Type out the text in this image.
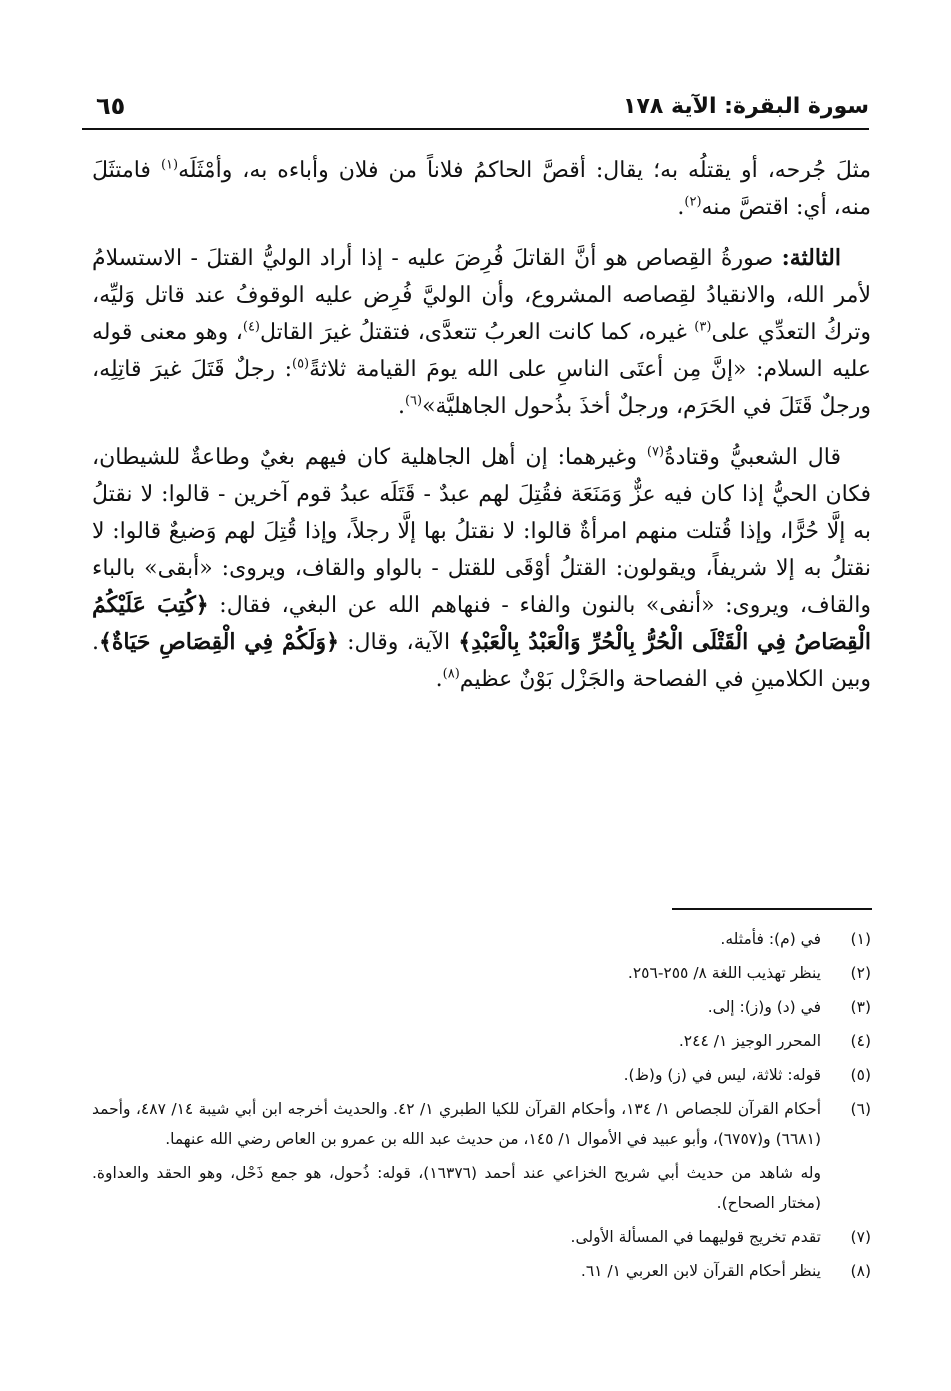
سورة البقرة: الآية ١٧٨
٦٥

مثلَ جُرحه، أو يقتلُه به؛ يقال: أقصَّ الحاكمُ فلاناً من فلان وأباءه به، وأمْثَلَه$^{(١)}$ فامتثَلَ منه، أي: اقتصَّ منه$^{(٢)}$.

الثالثة: صورةُ القِصاص هو أنَّ القاتلَ فُرِضَ عليه - إذا أراد الوليُّ القتلَ - الاستسلامُ لأمر الله، والانقيادُ لقِصاصه المشروع، وأن الوليَّ فُرِض عليه الوقوفُ عند قاتل وَليِّه، وتركُ التعدِّي على$^{(٣)}$ غيره، كما كانت العربُ تتعدَّى، فتقتلُ غيرَ القاتل$^{(٤)}$، وهو معنى قوله عليه السلام: «إنَّ مِن أعتَى الناسِ على الله يومَ القيامة ثلاثةً$^{(٥)}$: رجلٌ قَتَلَ غيرَ قاتِلِه، ورجلٌ قَتَلَ في الحَرَم، ورجلٌ أخذَ بذُحول الجاهليَّة»$^{(٦)}$.

قال الشعبيُّ وقتادةُ$^{(٧)}$ وغيرهما: إن أهل الجاهلية كان فيهم بغيٌ وطاعةٌ للشيطان، فكان الحيُّ إذا كان فيه عزٌّ وَمَنَعَة فقُتِلَ لهم عبدٌ - قَتَلَه عبدُ قوم آخرين - قالوا: لا نقتلُ به إلَّا حُرًّا، وإذا قُتلت منهم امرأةٌ قالوا: لا نقتلُ بها إلَّا رجلاً، وإذا قُتِلَ لهم وَضيعٌ قالوا: لا نقتلُ به إلا شريفاً، ويقولون: القتلُ أوْقَى للقتل - بالواو والقاف، ويروى: «أبقى» بالباء والقاف، ويروى: «أنفى» بالنون والفاء - فنهاهم الله عن البغي، فقال: ﴿كُتِبَ عَلَيْكُمُ الْقِصَاصُ فِي الْقَتْلَى الْحُرُّ بِالْحُرِّ وَالْعَبْدُ بِالْعَبْدِ﴾ الآية، وقال: ﴿وَلَكُمْ فِي الْقِصَاصِ حَيَاةٌ﴾. وبين الكلامينِ في الفصاحة والجَزْل بَوْنٌ عظيم$^{(٨)}$.

(١)
في (م): فأمثله.
(٢)
ينظر تهذيب اللغة ٨/ ٢٥٥-٢٥٦.
(٣)
في (د) و(ز): إلى.
(٤)
المحرر الوجيز ١/ ٢٤٤.
(٥)
قوله: ثلاثة، ليس في (ز) و(ظ).
(٦)
أحكام القرآن للجصاص ١/ ١٣٤، وأحكام القرآن للكيا الطبري ١/ ٤٢. والحديث أخرجه ابن أبي شيبة ١٤/ ٤٨٧، وأحمد (٦٦٨١) و(٦٧٥٧)، وأبو عبيد في الأموال ١/ ١٤٥، من حديث عبد الله بن عمرو بن العاص رضي الله عنهما.
وله شاهد من حديث أبي شريح الخزاعي عند أحمد (١٦٣٧٦)، قوله: ذُحول، هو جمع ذَحْل، وهو الحقد والعداوة. (مختار الصحاح).
(٧)
تقدم تخريج قوليهما في المسألة الأولى.
(٨)
ينظر أحكام القرآن لابن العربي ١/ ٦١.
